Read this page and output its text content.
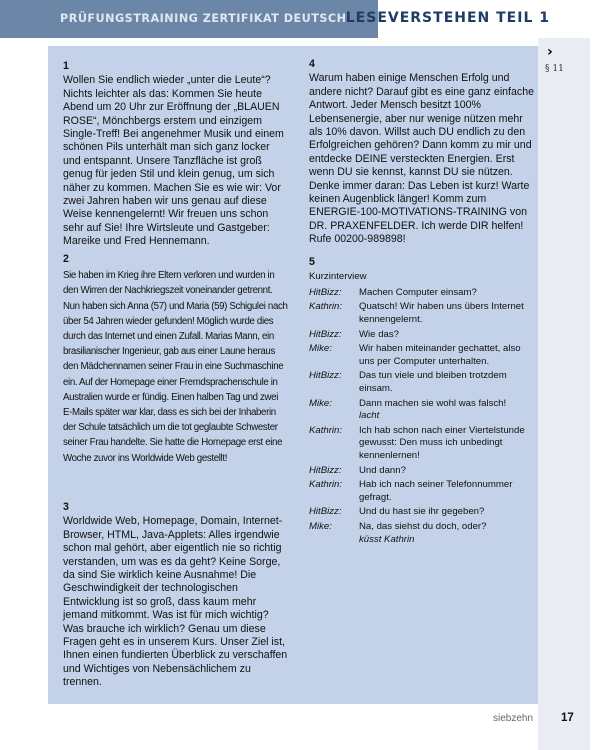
PRÜFUNGSTRAINING ZERTIFIKAT DEUTSCH LESEVERSTEHEN TEIL 1
›
§ 11

1

Wollen Sie endlich wieder „unter die Leute“? Nichts leichter als das: Kommen Sie heute Abend um 20 Uhr zur Eröffnung der „BLAUEN ROSE“, Mönchbergs erstem und einzigem Single-Treff! Bei angenehmer Musik und einem schönen Pils unterhält man sich ganz locker und entspannt. Unsere Tanzfläche ist groß genug für jeden Stil und klein genug, um sich näher zu kommen. Machen Sie es wie wir: Vor zwei Jahren haben wir uns genau auf diese Weise kennengelernt! Wir freuen uns schon sehr auf Sie! Ihre Wirtsleute und Gastgeber: Mareike und Fred Hennemann.

2

Sie haben im Krieg ihre Eltern verloren und wurden in den Wirren der Nachkriegszeit voneinander getrennt. Nun haben sich Anna (57) und Maria (59) Schigulei nach über 54 Jahren wieder gefunden! Möglich wurde dies durch das Internet und einen Zufall. Marias Mann, ein brasilianischer Ingenieur, gab aus einer Laune heraus den Mädchennamen seiner Frau in eine Suchmaschine ein. Auf der Homepage einer Fremdsprachenschule in Australien wurde er fündig. Einen halben Tag und zwei E-Mails später war klar, dass es sich bei der Inhaberin der Schule tatsächlich um die tot geglaubte Schwester seiner Frau handelte. Sie hatte die Homepage erst eine Woche zuvor ins Worldwide Web gestellt!

3

Worldwide Web, Homepage, Domain, Internet-Browser, HTML, Java-Applets: Alles irgendwie schon mal gehört, aber eigentlich nie so richtig verstanden, um was es da geht? Keine Sorge, da sind Sie wirklich keine Ausnahme! Die Geschwindigkeit der technologischen Entwicklung ist so groß, dass kaum mehr jemand mitkommt. Was ist für mich wichtig? Was brauche ich wirklich? Genau um diese Fragen geht es in unserem Kurs. Unser Ziel ist, Ihnen einen fundierten Überblick zu verschaffen und Wichtiges von Nebensächlichem zu trennen.

4

Warum haben einige Menschen Erfolg und andere nicht? Darauf gibt es eine ganz einfache Antwort. Jeder Mensch besitzt 100% Lebensenergie, aber nur wenige nützen mehr als 10% davon. Willst auch DU endlich zu den Erfolgreichen gehören? Dann komm zu mir und entdecke DEINE versteckten Energien. Erst wenn DU sie kennst, kannst DU sie nützen. Denke immer daran: Das Leben ist kurz! Warte keinen Augenblick länger! Komm zum ENERGIE-100-MOTIVATIONS-TRAINING von DR. PRAXENFELDER. Ich werde DIR helfen! Rufe 00200-989898!

5

Kurzinterview

HitBizz:	Machen Computer einsam?
Kathrin:	Quatsch! Wir haben uns übers Internet kennengelernt.
HitBizz:	Wie das?
Mike:	Wir haben miteinander gechattet, also uns per Computer unterhalten.
HitBizz:	Das tun viele und bleiben trotzdem einsam.
Mike:	Dann machen sie wohl was falsch!
lacht
Kathrin:	Ich hab schon nach einer Viertelstunde gewusst: Den muss ich unbedingt kennenlernen!
HitBizz:	Und dann?
Kathrin:	Hab ich nach seiner Telefonnummer gefragt.
HitBizz:	Und du hast sie ihr gegeben?
Mike:	Na, das siehst du doch, oder?
küsst Kathrin
siebzehn 17
